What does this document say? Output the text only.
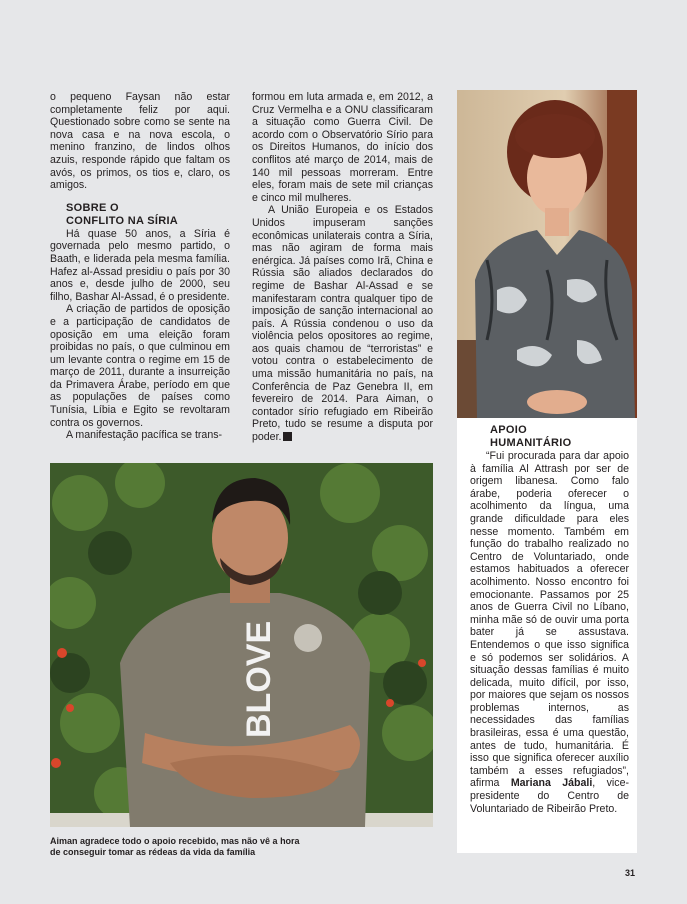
o pequeno Faysan não estar completamente feliz por aqui. Questionado sobre como se sente na nova casa e na nova escola, o menino franzino, de lindos olhos azuis, responde rápido que faltam os avós, os primos, os tios e, claro, os amigos.

SOBRE O
CONFLITO NA SÍRIA

Há quase 50 anos, a Síria é governada pelo mesmo partido, o Baath, e liderada pela mesma família. Hafez al-Assad presidiu o país por 30 anos e, desde julho de 2000, seu filho, Bashar Al-Assad, é o presidente.

A criação de partidos de oposição e a participação de candidatos de oposição em uma eleição foram proibidas no país, o que culminou em um levante contra o regime em 15 de março de 2011, durante a insurreição da Primavera Árabe, período em que as populações de países como Tunísia, Líbia e Egito se revoltaram contra os governos.

A manifestação pacífica se trans-

formou em luta armada e, em 2012, a Cruz Vermelha e a ONU classificaram a situação como Guerra Civil. De acordo com o Observatório Sírio para os Direitos Humanos, do início dos conflitos até março de 2014, mais de 140 mil pessoas morreram. Entre eles, foram mais de sete mil crianças e cinco mil mulheres.

A União Europeia e os Estados Unidos impuseram sanções econômicas unilaterais contra a Síria, mas não agiram de forma mais enérgica. Já países como Irã, China e Rússia são aliados declarados do regime de Bashar Al-Assad e se manifestaram contra qualquer tipo de imposição de sanção internacional ao país. A Rússia condenou o uso da violência pelos opositores ao regime, aos quais chamou de “terroristas” e votou contra o estabelecimento de uma missão humanitária no país, na Conferência de Paz Genebra II, em fevereiro de 2014. Para Aiman, o contador sírio refugiado em Ribeirão Preto, tudo se resume a disputa por poder.

BLOVE
Aiman agradece todo o apoio recebido, mas não vê a hora de conseguir tomar as rédeas da vida da família
APOIO
HUMANITÁRIO

“Fui procurada para dar apoio à família Al Attrash por ser de origem libanesa. Como falo árabe, poderia oferecer o acolhimento da língua, uma grande dificuldade para eles nesse momento. Também em função do trabalho realizado no Centro de Voluntariado, onde estamos habituados a oferecer acolhimento. Nosso encontro foi emocionante. Passamos por 25 anos de Guerra Civil no Líbano, minha mãe só de ouvir uma porta bater já se assustava. Entendemos o que isso significa e só podemos ser solidários. A situação dessas famílias é muito delicada, muito difícil, por isso, por maiores que sejam os nossos problemas internos, as necessidades das famílias brasileiras, essa é uma questão, antes de tudo, humanitária. É isso que significa oferecer auxílio também a esses refugiados”, afirma Mariana Jábali, vice-presidente do Centro de Voluntariado de Ribeirão Preto.

31
